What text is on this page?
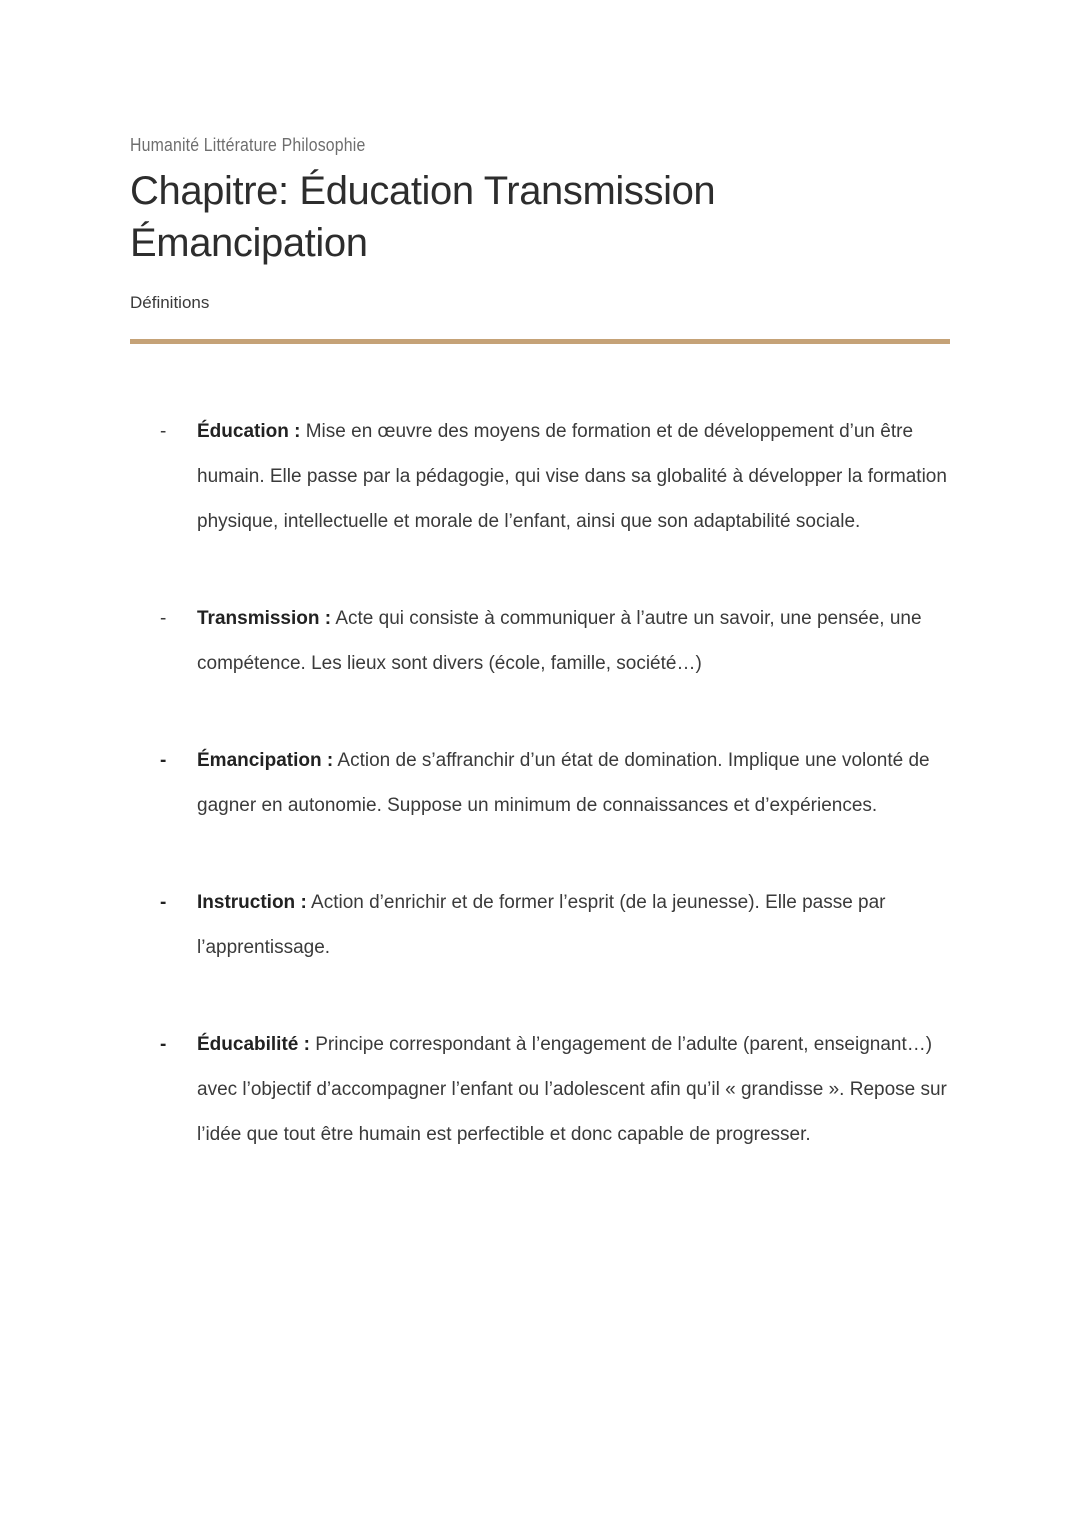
Humanité Littérature Philosophie
Chapitre: Éducation Transmission Émancipation
Définitions
-	Éducation : Mise en œuvre des moyens de formation et de développement d’un être humain. Elle passe par la pédagogie, qui vise dans sa globalité à développer la formation physique, intellectuelle et morale de l’enfant, ainsi que son adaptabilité sociale.
-	Transmission : Acte qui consiste à communiquer à l’autre un savoir, une pensée, une compétence. Les lieux sont divers (école, famille, société…)
-	Émancipation : Action de s’affranchir d’un état de domination. Implique une volonté de gagner en autonomie. Suppose un minimum de connaissances et d’expériences.
-	Instruction : Action d’enrichir et de former l’esprit (de la jeunesse). Elle passe par l’apprentissage.
-	Éducabilité : Principe correspondant à l’engagement de l’adulte (parent, enseignant…) avec l’objectif d’accompagner l’enfant ou l’adolescent afin qu’il « grandisse ». Repose sur l’idée que tout être humain est perfectible et donc capable de progresser.
